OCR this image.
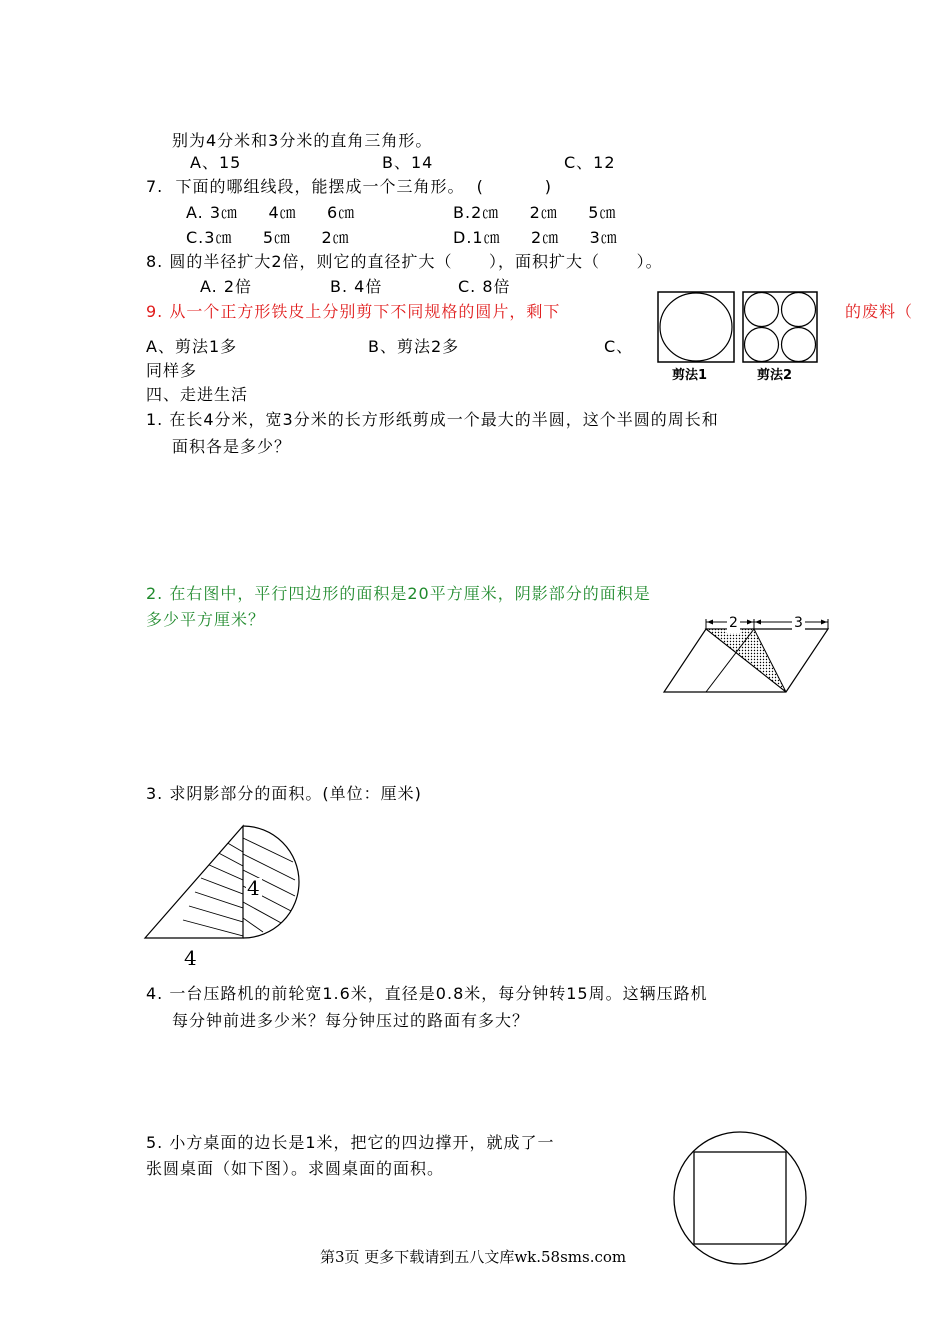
别为4分米和3分米的直角三角形。
A、15	B、14	C、12
7.  下面的哪组线段，能摆成一个三角形。  (          )
A. 3㎝     4㎝     6㎝	B.2㎝     2㎝     5㎝
C.3㎝     5㎝     2㎝	D.1㎝     2㎝     3㎝
8. 圆的半径扩大2倍，则它的直径扩大（      ），面积扩大（      ）。
A. 2倍	B. 4倍	C. 8倍
9. 从一个正方形铁皮上分别剪下不同规格的圆片，剩下	的废料（
A、剪法1多	B、剪法2多	C、
同样多	剪法1	剪法2
四、走进生活
1. 在长4分米，宽3分米的长方形纸剪成一个最大的半圆，这个半圆的周长和
面积各是多少？
2. 在右图中，平行四边形的面积是20平方厘米，阴影部分的面积是
多少平方厘米？	2	3
3. 求阴影部分的面积。(单位：厘米)
4
4
4. 一台压路机的前轮宽1.6米，直径是0.8米，每分钟转15周。这辆压路机
每分钟前进多少米？每分钟压过的路面有多大？
5. 小方桌面的边长是1米，把它的四边撑开，就成了一
张圆桌面（如下图）。求圆桌面的面积。
第3页 更多下载请到五八文库wk.58sms.com
